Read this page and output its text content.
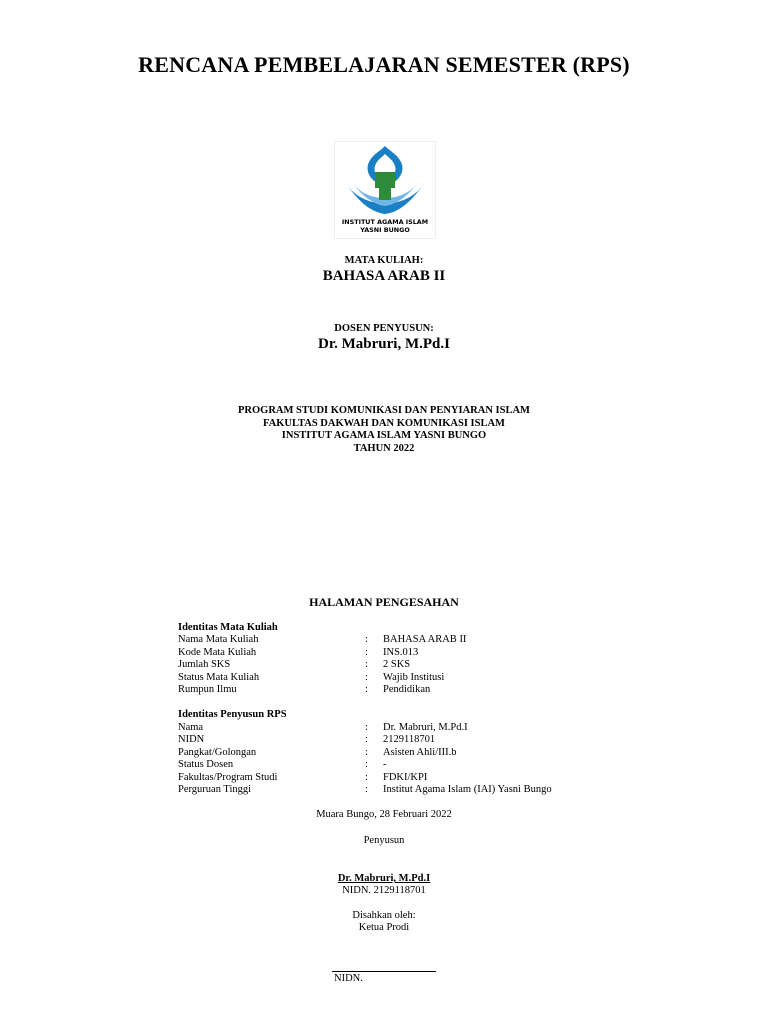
RENCANA PEMBELAJARAN SEMESTER (RPS)
INSTITUT AGAMA ISLAM
YASNI BUNGO
MATA KULIAH:
BAHASA ARAB II
DOSEN PENYUSUN:
Dr. Mabruri, M.Pd.I
PROGRAM STUDI KOMUNIKASI DAN PENYIARAN ISLAM
FAKULTAS DAKWAH DAN KOMUNIKASI ISLAM
INSTITUT AGAMA ISLAM YASNI BUNGO
TAHUN 2022
HALAMAN PENGESAHAN
Identitas Mata Kuliah
Nama Mata Kuliah	: BAHASA ARAB II
Kode Mata Kuliah	: INS.013
Jumlah SKS	: 2 SKS
Status Mata Kuliah	: Wajib Institusi
Rumpun Ilmu	: Pendidikan
Identitas Penyusun RPS
Nama	: Dr. Mabruri, M.Pd.I
NIDN	: 2129118701
Pangkat/Golongan	: Asisten Ahli/III.b
Status Dosen	: -
Fakultas/Program Studi	: FDKI/KPI
Perguruan Tinggi	: Institut Agama Islam (IAI) Yasni Bungo
Muara Bungo, 28 Februari 2022
Penyusun
Dr. Mabruri, M.Pd.I
NIDN. 2129118701
Disahkan oleh:
Ketua Prodi
NIDN.
